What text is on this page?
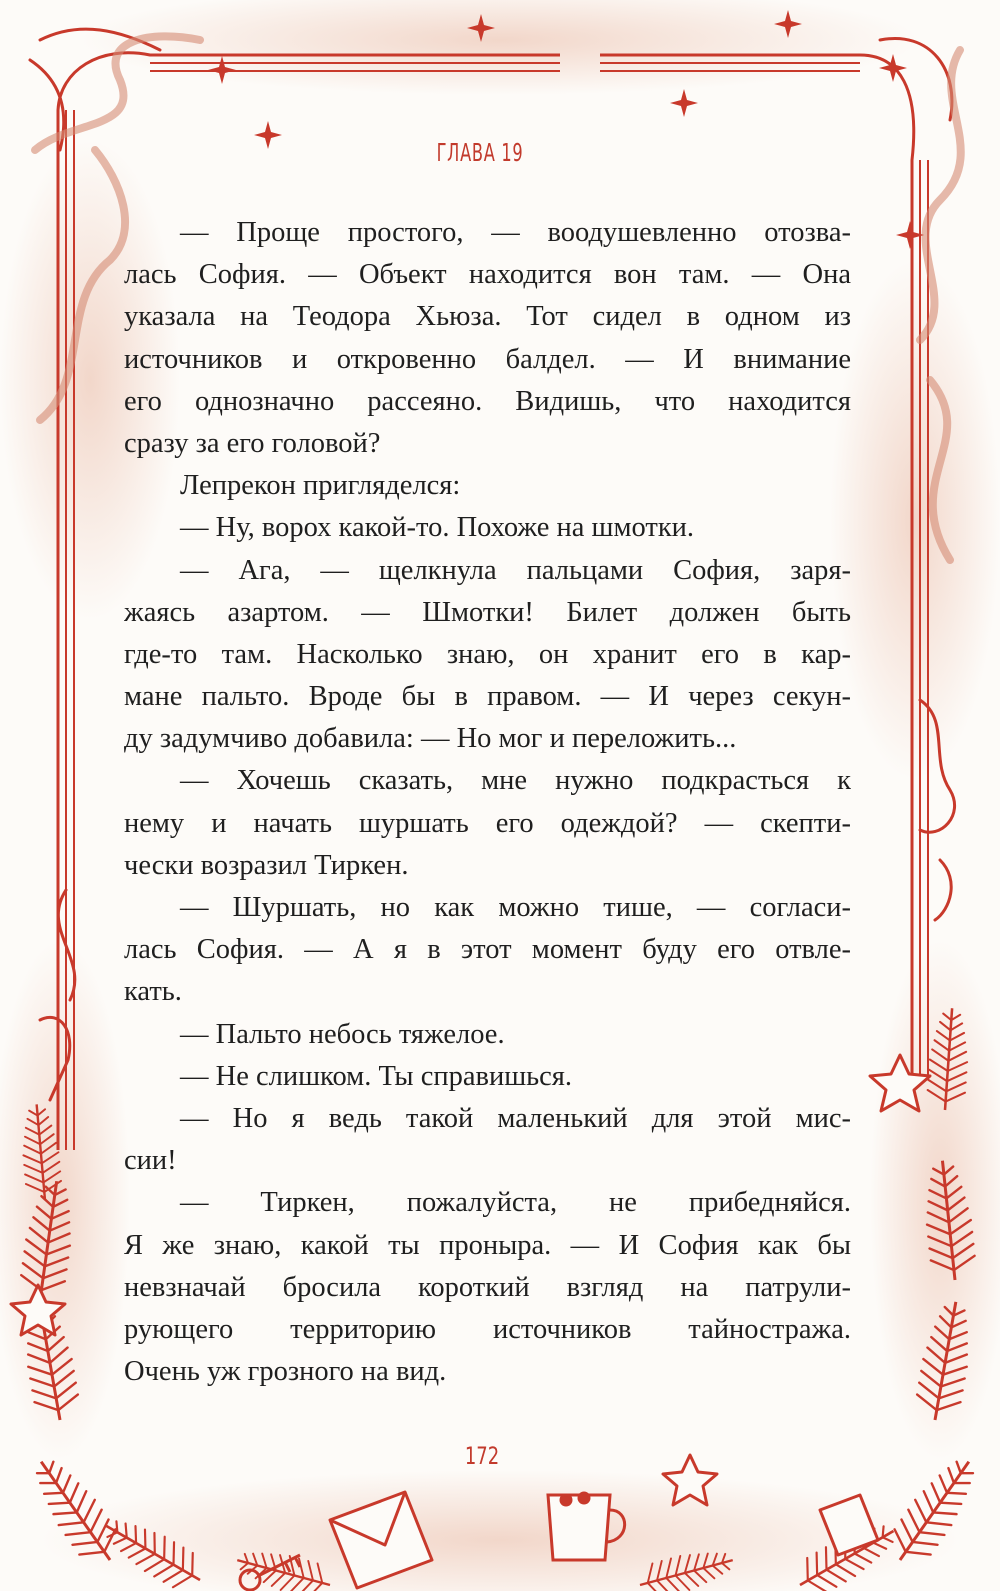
ГЛАВА 19
— Проще простого, — воодушевленно отозва-
лась София. — Объект находится вон там. — Она
указала на Теодора Хьюза. Тот сидел в одном из
источников и откровенно балдел. — И внимание
его однозначно рассеяно. Видишь, что находится
сразу за его головой?
Лепрекон пригляделся:
— Ну, ворох какой-то. Похоже на шмотки.
— Ага, — щелкнула пальцами София, заря-
жаясь азартом. — Шмотки! Билет должен быть
где-то там. Насколько знаю, он хранит его в кар-
мане пальто. Вроде бы в правом. — И через секун-
ду задумчиво добавила: — Но мог и переложить...
— Хочешь сказать, мне нужно подкрасться к
нему и начать шуршать его одеждой? — скепти-
чески возразил Тиркен.
— Шуршать, но как можно тише, — согласи-
лась София. — А я в этот момент буду его отвле-
кать.
— Пальто небось тяжелое.
— Не слишком. Ты справишься.
— Но я ведь такой маленький для этой мис-
сии!
— Тиркен, пожалуйста, не прибедняйся.
Я же знаю, какой ты проныра. — И София как бы
невзначай бросила короткий взгляд на патрули-
рующего территорию источников тайностража.
Очень уж грозного на вид.
172
